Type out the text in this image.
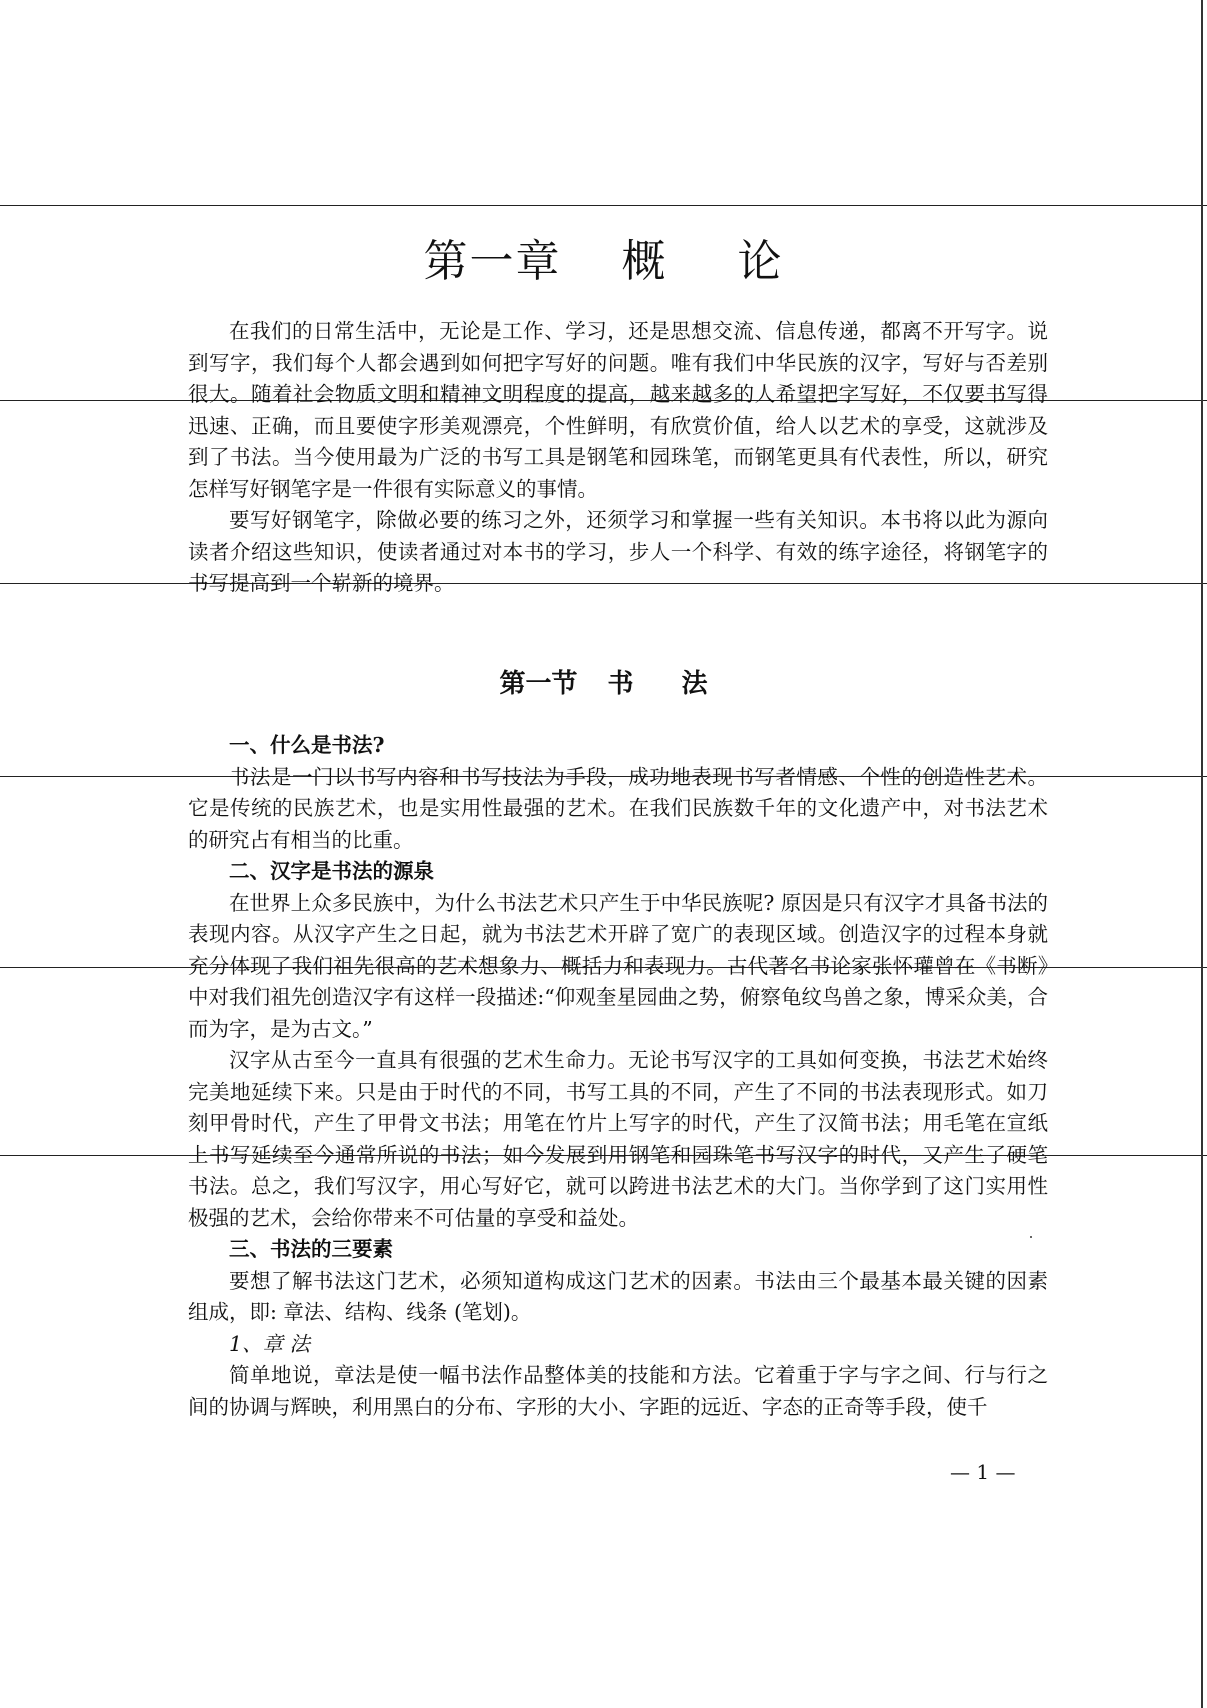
第一章 概 论

在我们的日常生活中，无论是工作、学习，还是思想交流、信息传递，都离不开写字。说到写字，我们每个人都会遇到如何把字写好的问题。唯有我们中华民族的汉字，写好与否差别很大。随着社会物质文明和精神文明程度的提高，越来越多的人希望把字写好，不仅要书写得迅速、正确，而且要使字形美观漂亮，个性鲜明，有欣赏价值，给人以艺术的享受，这就涉及到了书法。当今使用最为广泛的书写工具是钢笔和园珠笔，而钢笔更具有代表性，所以，研究怎样写好钢笔字是一件很有实际意义的事情。

要写好钢笔字，除做必要的练习之外，还须学习和掌握一些有关知识。本书将以此为源向读者介绍这些知识，使读者通过对本书的学习，步人一个科学、有效的练字途径，将钢笔字的书写提高到一个崭新的境界。

第一节 书 法

一、什么是书法?

书法是一门以书写内容和书写技法为手段，成功地表现书写者情感、个性的创造性艺术。它是传统的民族艺术，也是实用性最强的艺术。在我们民族数千年的文化遗产中，对书法艺术的研究占有相当的比重。

二、汉字是书法的源泉

在世界上众多民族中，为什么书法艺术只产生于中华民族呢? 原因是只有汉字才具备书法的表现内容。从汉字产生之日起，就为书法艺术开辟了宽广的表现区域。创造汉字的过程本身就充分体现了我们祖先很高的艺术想象力、概括力和表现力。古代著名书论家张怀瓘曾在《书断》中对我们祖先创造汉字有这样一段描述:“仰观奎星园曲之势，俯察龟纹鸟兽之象，博采众美，合而为字，是为古文。”

汉字从古至今一直具有很强的艺术生命力。无论书写汉字的工具如何变换，书法艺术始终完美地延续下来。只是由于时代的不同，书写工具的不同，产生了不同的书法表现形式。如刀刻甲骨时代，产生了甲骨文书法；用笔在竹片上写字的时代，产生了汉简书法；用毛笔在宣纸上书写延续至今通常所说的书法；如今发展到用钢笔和园珠笔书写汉字的时代，又产生了硬笔书法。总之，我们写汉字，用心写好它，就可以跨进书法艺术的大门。当你学到了这门实用性极强的艺术，会给你带来不可估量的享受和益处。

三、书法的三要素

要想了解书法这门艺术，必须知道构成这门艺术的因素。书法由三个最基本最关键的因素组成，即: 章法、结构、线条 (笔划)。

1、章 法

简单地说，章法是使一幅书法作品整体美的技能和方法。它着重于字与字之间、行与行之间的协调与辉映，利用黑白的分布、字形的大小、字距的远近、字态的正奇等手段，使千

— 1 —
